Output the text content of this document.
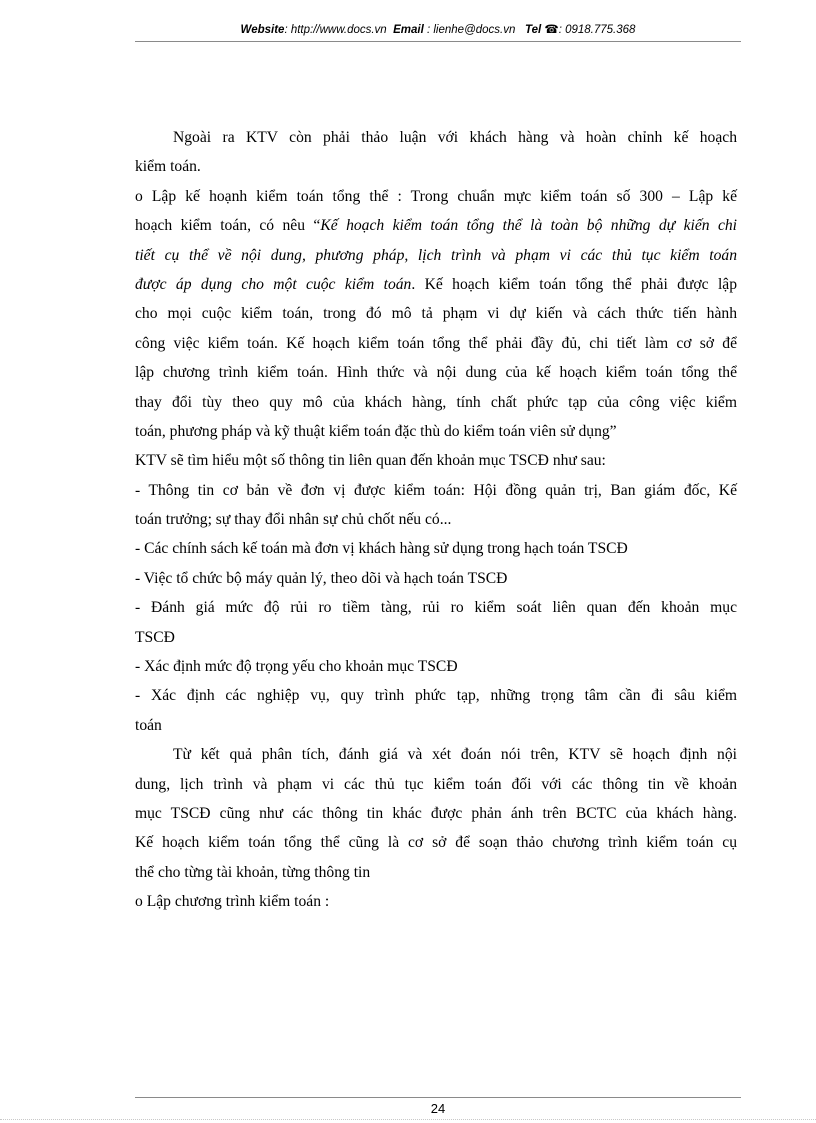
Website: http://www.docs.vn Email : lienhe@docs.vn Tel ☎: 0918.775.368
Ngoài ra KTV còn phải thảo luận với khách hàng và hoàn chỉnh kế hoạch
kiểm toán.
o Lập kế hoạnh kiểm toán tổng thể : Trong chuẩn mực kiểm toán số 300 – Lập kế
hoạch kiểm toán, có nêu “Kế hoạch kiểm toán tổng thể là toàn bộ những dự kiến chi
tiết cụ thể về nội dung, phương pháp, lịch trình và phạm vi các thủ tục kiểm toán
được áp dụng cho một cuộc kiểm toán. Kế hoạch kiểm toán tổng thể phải được lập
cho mọi cuộc kiểm toán, trong đó mô tả phạm vi dự kiến và cách thức tiến hành
công việc kiểm toán. Kế hoạch kiểm toán tổng thể phải đầy đủ, chi tiết làm cơ sở để
lập chương trình kiểm toán. Hình thức và nội dung của kế hoạch kiểm toán tổng thể
thay đổi tùy theo quy mô của khách hàng, tính chất phức tạp của công việc kiểm
toán, phương pháp và kỹ thuật kiểm toán đặc thù do kiểm toán viên sử dụng”
KTV sẽ tìm hiểu một số thông tin liên quan đến khoản mục TSCĐ như sau:
- Thông tin cơ bản về đơn vị được kiểm toán: Hội đồng quản trị, Ban giám đốc, Kế
toán trưởng; sự thay đổi nhân sự chủ chốt nếu có...
- Các chính sách kế toán mà đơn vị khách hàng sử dụng trong hạch toán TSCĐ
- Việc tổ chức bộ máy quản lý, theo dõi và hạch toán TSCĐ
- Đánh giá mức độ rủi ro tiềm tàng, rủi ro kiểm soát liên quan đến khoản mục
TSCĐ
- Xác định mức độ trọng yếu cho khoản mục TSCĐ
- Xác định các nghiệp vụ, quy trình phức tạp, những trọng tâm cần đi sâu kiểm
toán
Từ kết quả phân tích, đánh giá và xét đoán nói trên, KTV sẽ hoạch định nội
dung, lịch trình và phạm vi các thủ tục kiểm toán đối với các thông tin về khoản
mục TSCĐ cũng như các thông tin khác được phản ánh trên BCTC của khách hàng.
Kế hoạch kiểm toán tổng thể cũng là cơ sở để soạn thảo chương trình kiểm toán cụ
thể cho từng tài khoản, từng thông tin
o Lập chương trình kiểm toán :
24
